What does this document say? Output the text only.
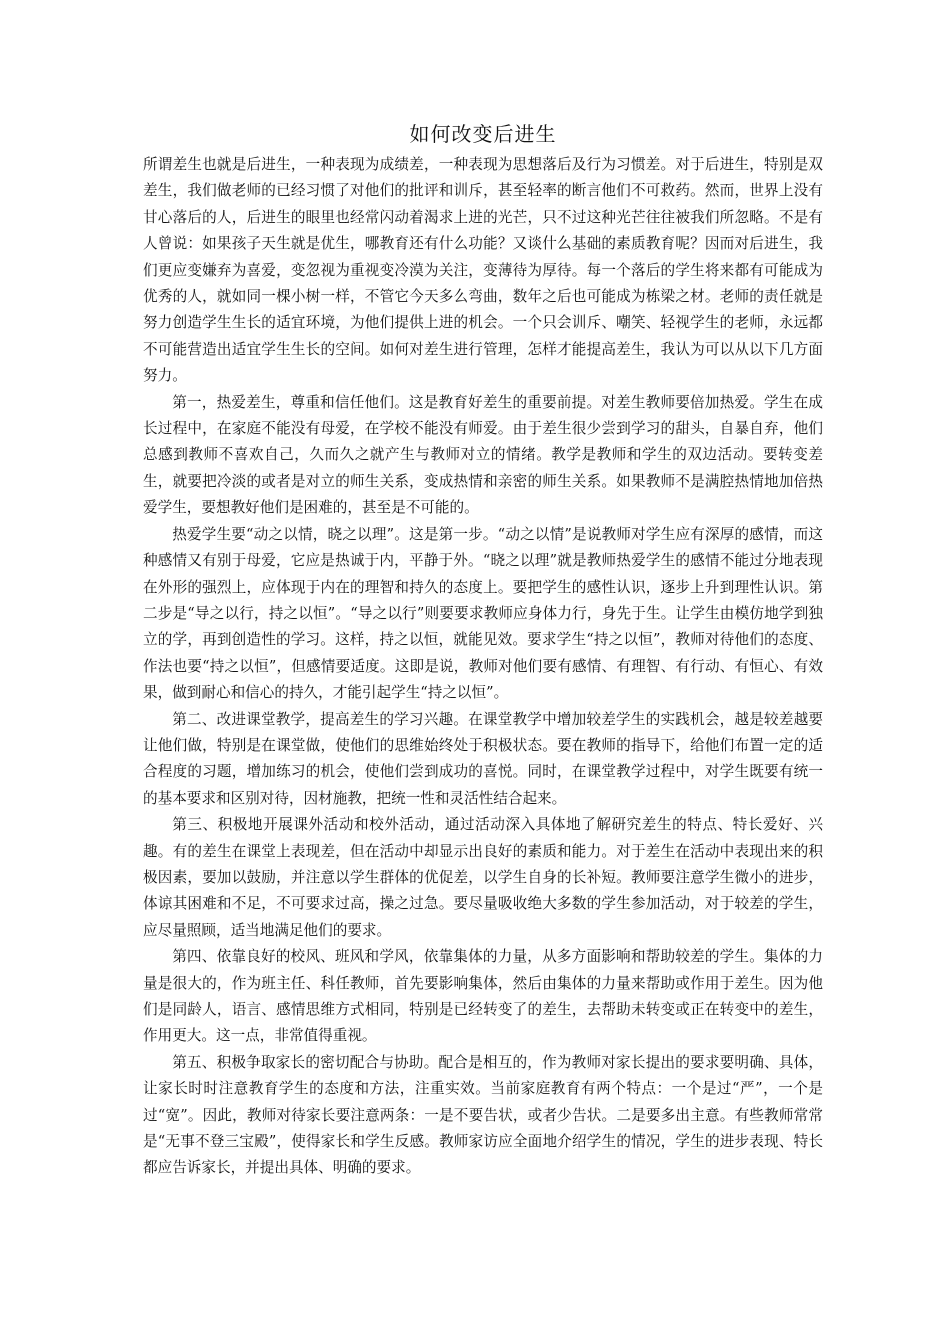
如何改变后进生

所谓差生也就是后进生，一种表现为成绩差，一种表现为思想落后及行为习惯差。对于后进生，特别是双差生，我们做老师的已经习惯了对他们的批评和训斥，甚至轻率的断言他们不可救药。然而，世界上没有甘心落后的人，后进生的眼里也经常闪动着渴求上进的光芒，只不过这种光芒往往被我们所忽略。不是有人曾说：如果孩子天生就是优生，哪教育还有什么功能？又谈什么基础的素质教育呢？因而对后进生，我们更应变嫌弃为喜爱，变忽视为重视变冷漠为关注，变薄待为厚待。每一个落后的学生将来都有可能成为优秀的人，就如同一棵小树一样，不管它今天多么弯曲，数年之后也可能成为栋梁之材。老师的责任就是努力创造学生生长的适宜环境，为他们提供上进的机会。一个只会训斥、嘲笑、轻视学生的老师，永远都不可能营造出适宜学生生长的空间。如何对差生进行管理，怎样才能提高差生，我认为可以从以下几方面努力。

第一，热爱差生，尊重和信任他们。这是教育好差生的重要前提。对差生教师要倍加热爱。学生在成长过程中，在家庭不能没有母爱，在学校不能没有师爱。由于差生很少尝到学习的甜头，自暴自弃，他们总感到教师不喜欢自己，久而久之就产生与教师对立的情绪。教学是教师和学生的双边活动。要转变差生，就要把冷淡的或者是对立的师生关系，变成热情和亲密的师生关系。如果教师不是满腔热情地加倍热爱学生，要想教好他们是困难的，甚至是不可能的。

热爱学生要“动之以情，晓之以理”。这是第一步。“动之以情”是说教师对学生应有深厚的感情，而这种感情又有别于母爱，它应是热诚于内，平静于外。“晓之以理”就是教师热爱学生的感情不能过分地表现在外形的强烈上，应体现于内在的理智和持久的态度上。要把学生的感性认识，逐步上升到理性认识。第二步是“导之以行，持之以恒”。“导之以行”则要要求教师应身体力行，身先于生。让学生由模仿地学到独立的学，再到创造性的学习。这样，持之以恒，就能见效。要求学生“持之以恒”，教师对待他们的态度、作法也要“持之以恒”，但感情要适度。这即是说，教师对他们要有感情、有理智、有行动、有恒心、有效果，做到耐心和信心的持久，才能引起学生“持之以恒”。

第二、改进课堂教学，提高差生的学习兴趣。在课堂教学中增加较差学生的实践机会，越是较差越要让他们做，特别是在课堂做，使他们的思维始终处于积极状态。要在教师的指导下，给他们布置一定的适合程度的习题，增加练习的机会，使他们尝到成功的喜悦。同时，在课堂教学过程中，对学生既要有统一的基本要求和区别对待，因材施教，把统一性和灵活性结合起来。

第三、积极地开展课外活动和校外活动，通过活动深入具体地了解研究差生的特点、特长爱好、兴趣。有的差生在课堂上表现差，但在活动中却显示出良好的素质和能力。对于差生在活动中表现出来的积极因素，要加以鼓励，并注意以学生群体的优促差，以学生自身的长补短。教师要注意学生微小的进步，体谅其困难和不足，不可要求过高，操之过急。要尽量吸收绝大多数的学生参加活动，对于较差的学生，应尽量照顾，适当地满足他们的要求。

第四、依靠良好的校风、班风和学风，依靠集体的力量，从多方面影响和帮助较差的学生。集体的力量是很大的，作为班主任、科任教师，首先要影响集体，然后由集体的力量来帮助或作用于差生。因为他们是同龄人，语言、感情思维方式相同，特别是已经转变了的差生，去帮助未转变或正在转变中的差生，作用更大。这一点，非常值得重视。

第五、积极争取家长的密切配合与协助。配合是相互的，作为教师对家长提出的要求要明确、具体，让家长时时注意教育学生的态度和方法，注重实效。当前家庭教育有两个特点：一个是过“严”，一个是过“宽”。因此，教师对待家长要注意两条：一是不要告状，或者少告状。二是要多出主意。有些教师常常是“无事不登三宝殿”，使得家长和学生反感。教师家访应全面地介绍学生的情况，学生的进步表现、特长都应告诉家长，并提出具体、明确的要求。
